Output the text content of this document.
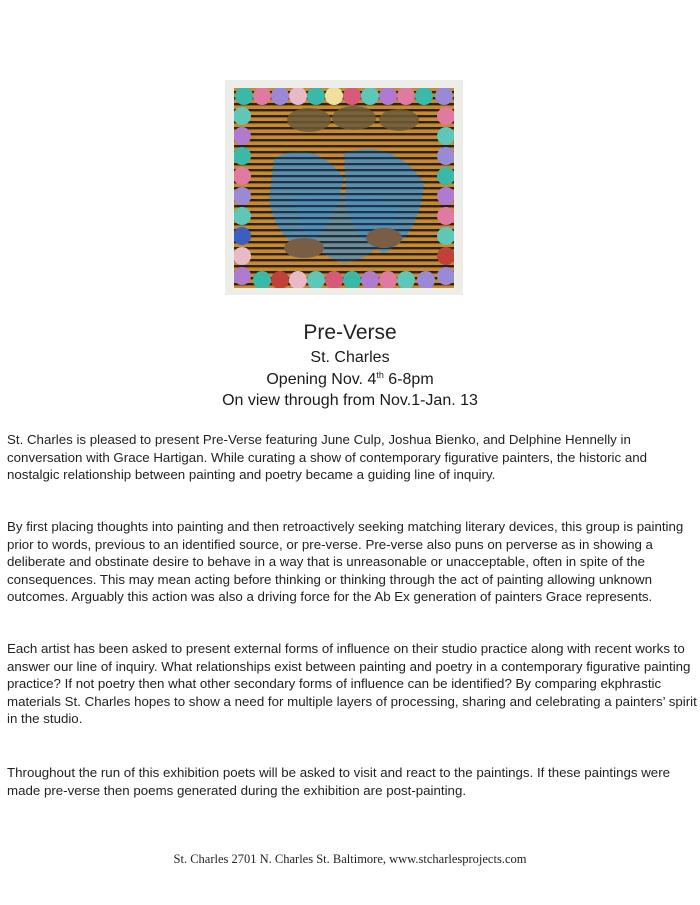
Pre-Verse
St. Charles
Opening Nov. 4th 6-8pm
On view through from Nov.1-Jan. 13

St. Charles is pleased to present Pre-Verse featuring June Culp, Joshua Bienko, and Delphine Hennelly in conversation with Grace Hartigan. While curating a show of contemporary figurative painters, the historic and nostalgic relationship between painting and poetry became a guiding line of inquiry.

By first placing thoughts into painting and then retroactively seeking matching literary devices, this group is painting prior to words, previous to an identified source, or pre-verse. Pre-verse also puns on perverse as in showing a deliberate and obstinate desire to behave in a way that is unreasonable or unacceptable, often in spite of the consequences. This may mean acting before thinking or thinking through the act of painting allowing unknown outcomes. Arguably this action was also a driving force for the Ab Ex generation of painters Grace represents.

Each artist has been asked to present external forms of influence on their studio practice along with recent works to answer our line of inquiry. What relationships exist between painting and poetry in a contemporary figurative painting practice? If not poetry then what other secondary forms of influence can be identified? By comparing ekphrastic materials St. Charles hopes to show a need for multiple layers of processing, sharing and celebrating a painters’ spirit in the studio.

Throughout the run of this exhibition poets will be asked to visit and react to the paintings. If these paintings were made pre-verse then poems generated during the exhibition are post-painting.

St. Charles 2701 N. Charles St. Baltimore, www.stcharlesprojects.com
